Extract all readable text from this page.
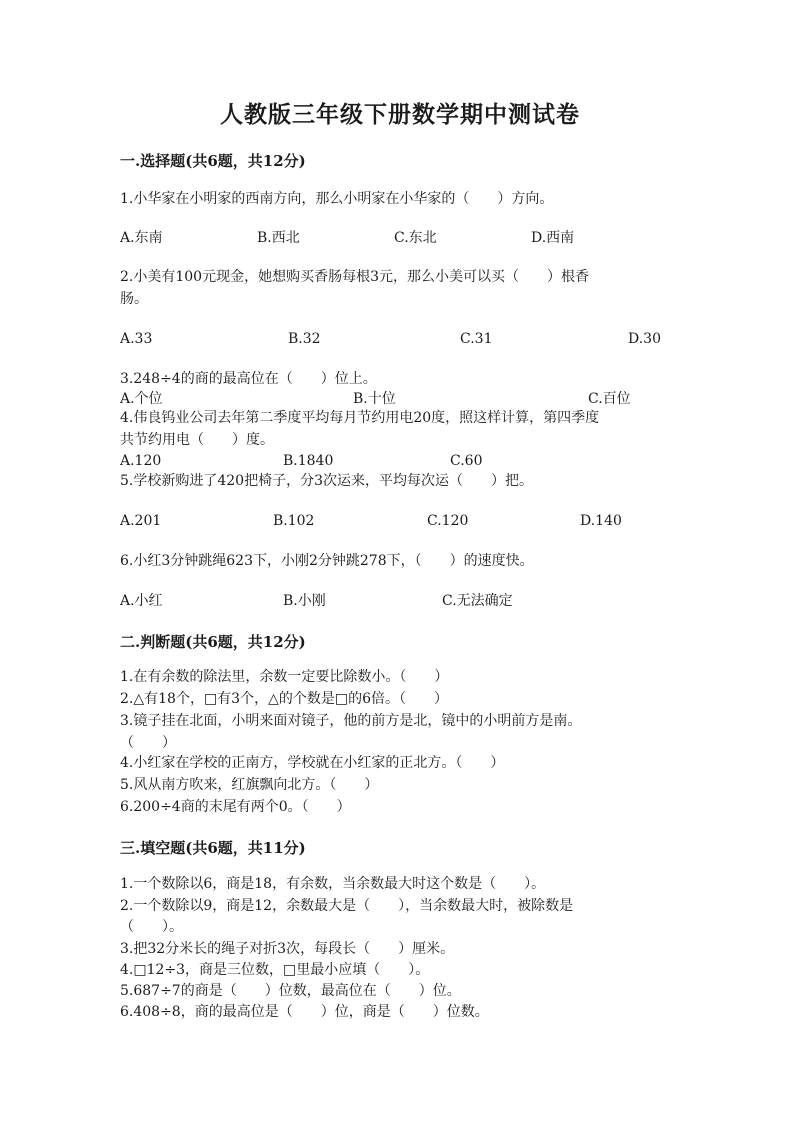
人教版三年级下册数学期中测试卷
一.选择题(共6题，共12分)
1.小华家在小明家的西南方向，那么小明家在小华家的（　　）方向。
A.东南	B.西北	C.东北	D.西南
2.小美有100元现金，她想购买香肠每根3元，那么小美可以买（　　）根香
肠。
A.33	B.32	C.31	D.30
3.248÷4的商的最高位在（　　）位上。
A.个位	B.十位	C.百位
4.伟良钨业公司去年第二季度平均每月节约用电20度，照这样计算，第四季度
共节约用电（　　）度。
A.120	B.1840	C.60
5.学校新购进了420把椅子，分3次运来，平均每次运（　　）把。
A.201	B.102	C.120	D.140
6.小红3分钟跳绳623下，小刚2分钟跳278下，（　　）的速度快。
A.小红	B.小刚	C.无法确定
二.判断题(共6题，共12分)
1.在有余数的除法里，余数一定要比除数小。（　　）
2.△有18个，□有3个，△的个数是□的6倍。（　　）
3.镜子挂在北面，小明来面对镜子，他的前方是北，镜中的小明前方是南。
（　　）
4.小红家在学校的正南方，学校就在小红家的正北方。（　　）
5.风从南方吹来，红旗飘向北方。（　　）
6.200÷4商的末尾有两个0。（　　）
三.填空题(共6题，共11分)
1.一个数除以6，商是18，有余数，当余数最大时这个数是（　　）。
2.一个数除以9，商是12，余数最大是（　　），当余数最大时，被除数是
（　　）。
3.把32分米长的绳子对折3次，每段长（　　）厘米。
4.□12÷3，商是三位数，□里最小应填（　　）。
5.687÷7的商是（　　）位数，最高位在（　　）位。
6.408÷8，商的最高位是（　　）位，商是（　　）位数。
